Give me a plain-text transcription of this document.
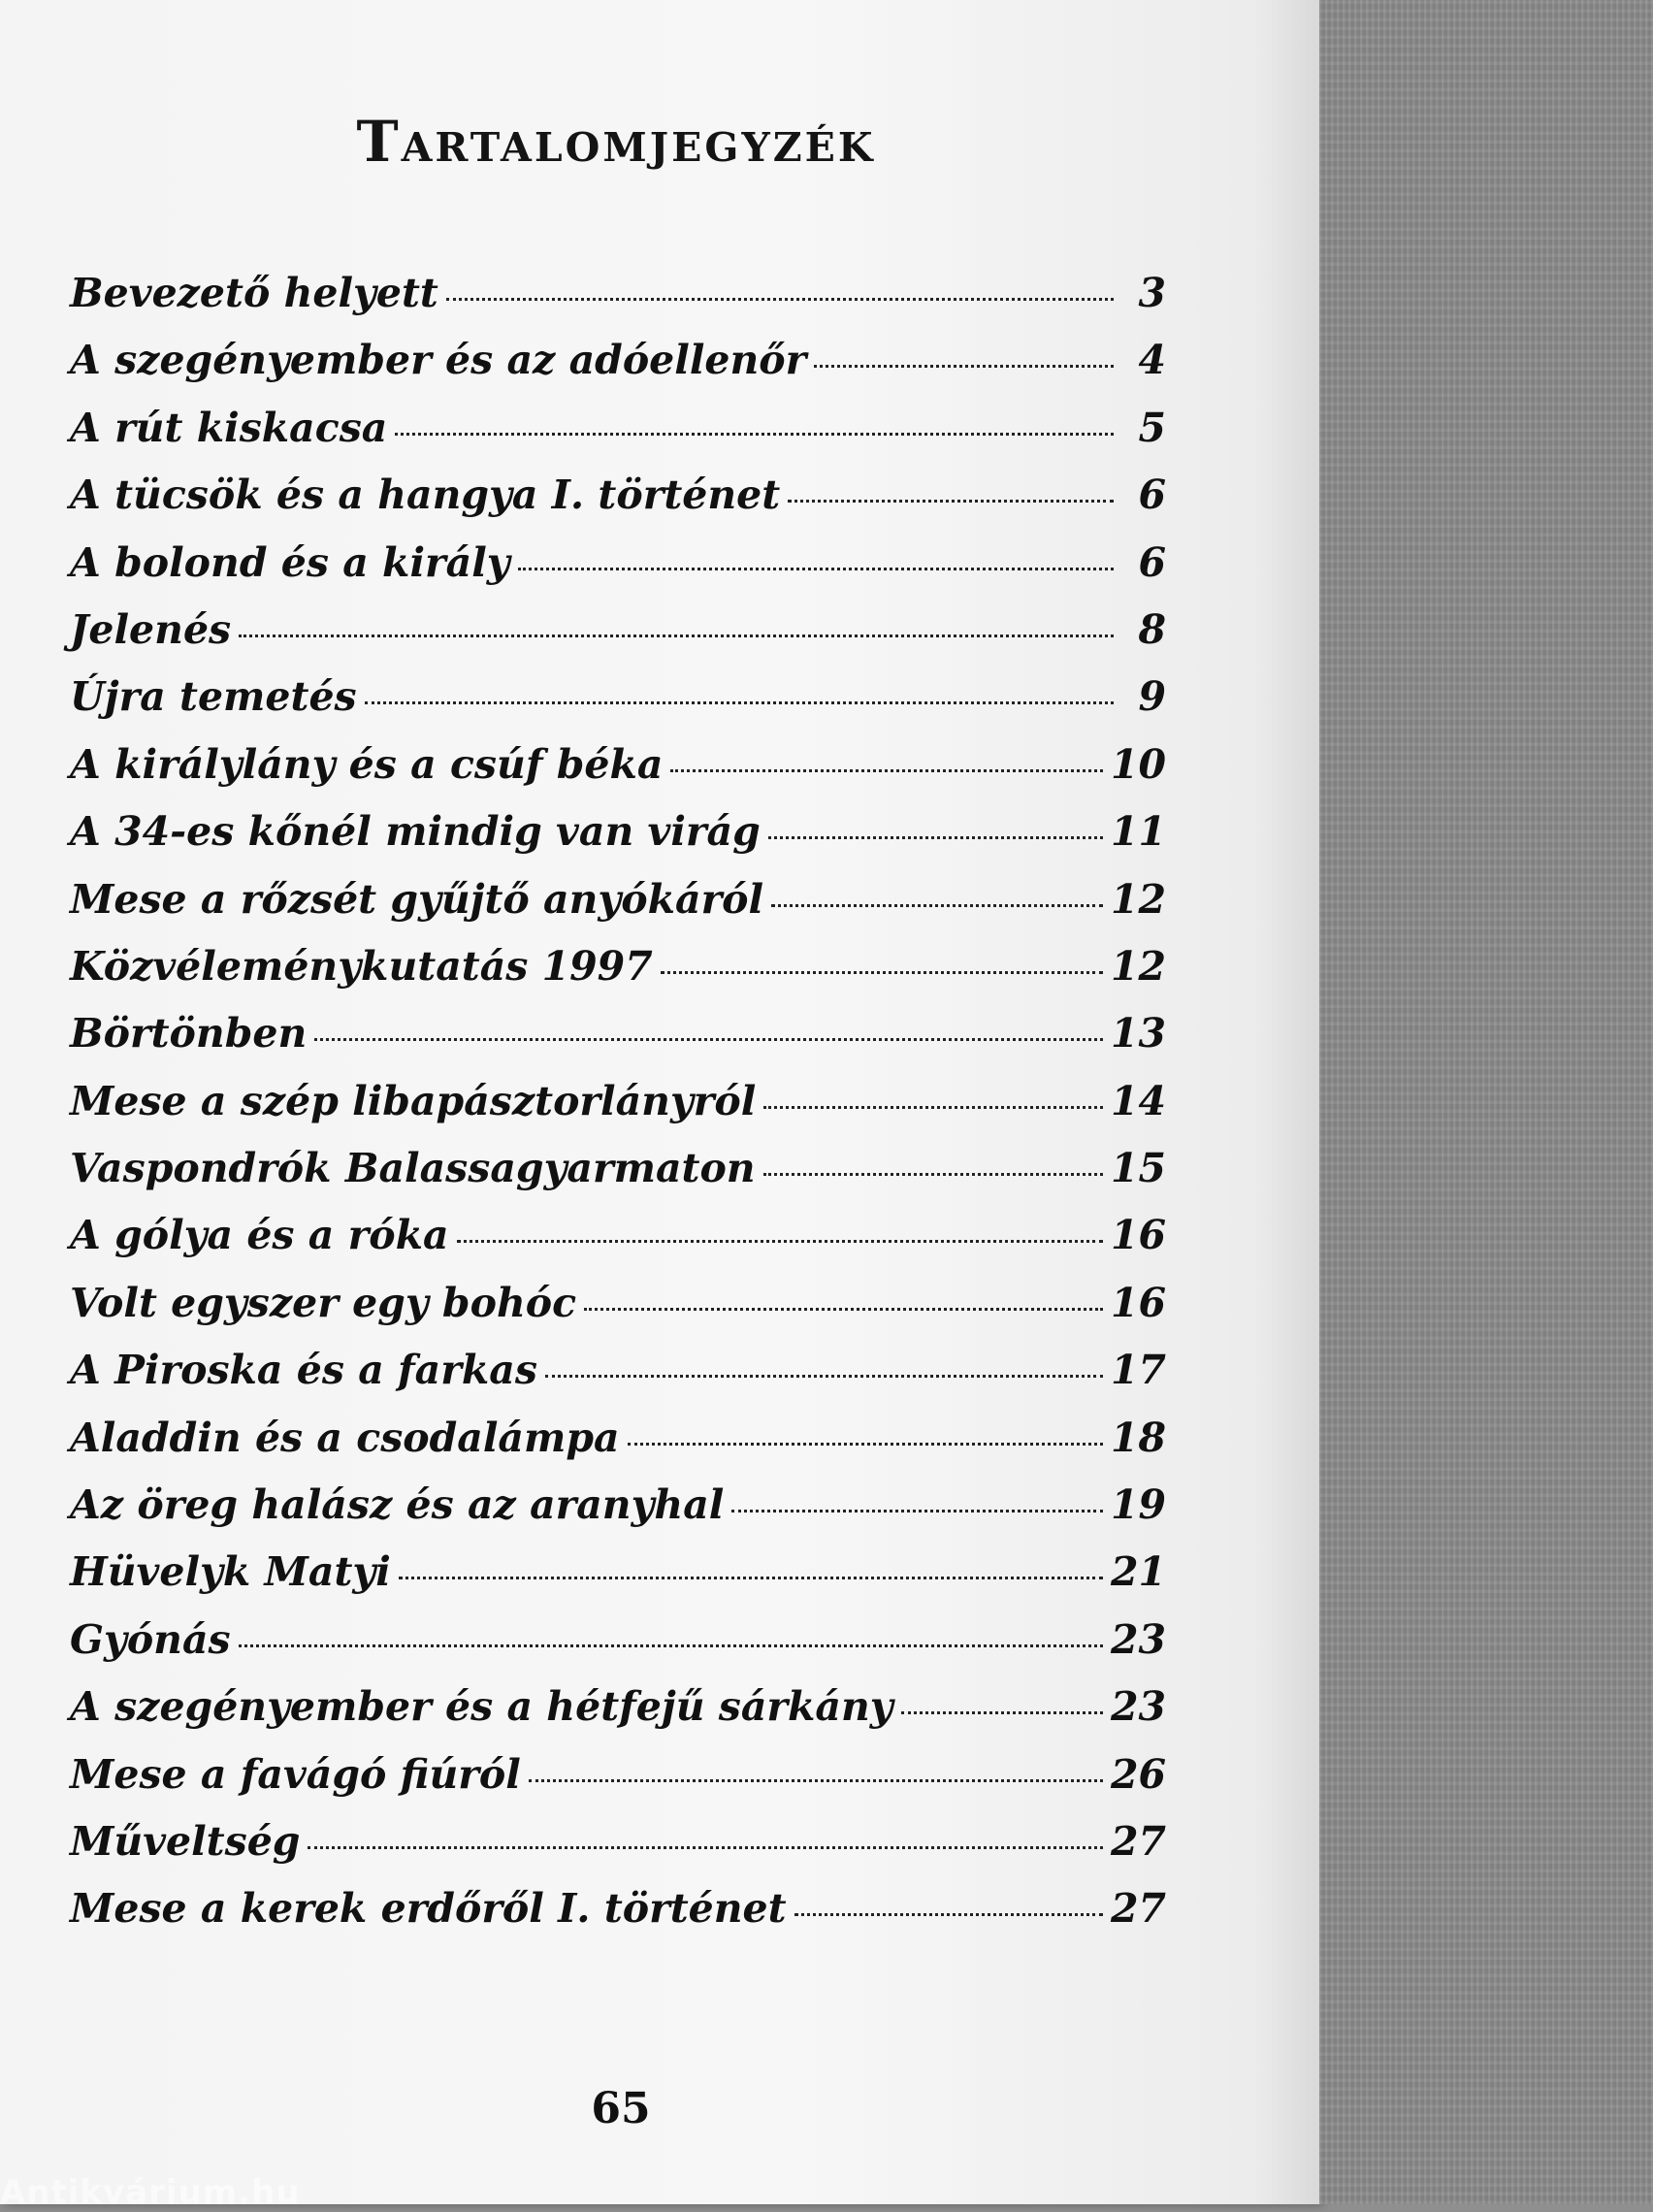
Tartalomjegyzék
Bevezető helyett	3
A szegényember és az adóellenőr	4
A rút kiskacsa	5
A tücsök és a hangya I. történet	6
A bolond és a király	6
Jelenés	8
Újra temetés	9
A királylány és a csúf béka	10
A 34-es kőnél mindig van virág	11
Mese a rőzsét gyűjtő anyókáról	12
Közvéleménykutatás 1997	12
Börtönben	13
Mese a szép libapásztorlányról	14
Vaspondrók Balassagyarmaton	15
A gólya és a róka	16
Volt egyszer egy bohóc	16
A Piroska és a farkas	17
Aladdin és a csodalámpa	18
Az öreg halász és az aranyhal	19
Hüvelyk Matyi	21
Gyónás	23
A szegényember és a hétfejű sárkány	23
Mese a favágó fiúról	26
Műveltség	27
Mese a kerek erdőről I. történet	27
65
Antikvárium.hu
